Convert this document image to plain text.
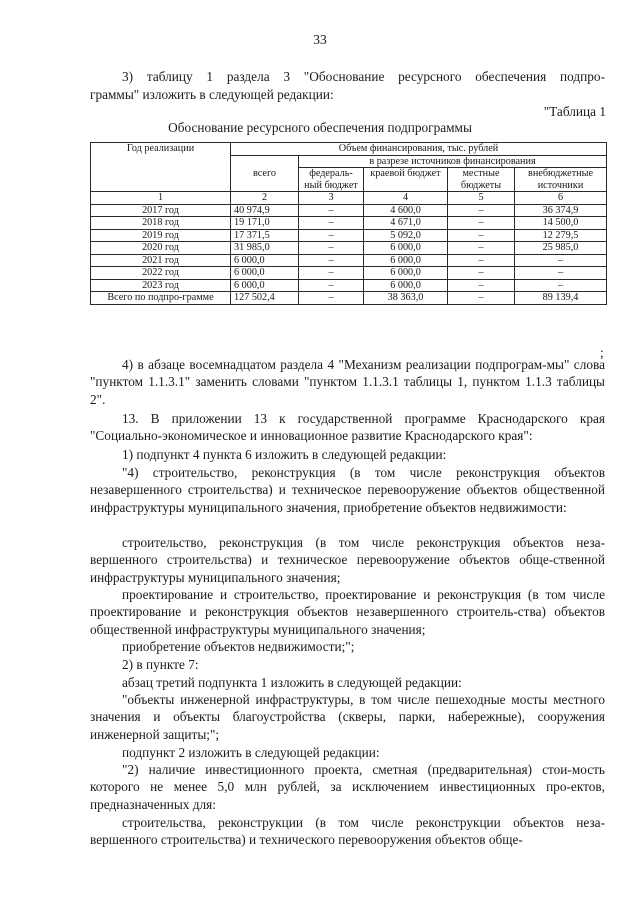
33

3) таблицу 1 раздела 3 "Обоснование ресурсного обеспечения подпро-

граммы" изложить в следующей редакции:

"Таблица 1
Обоснование ресурсного обеспечения подпрограммы
Год реализации	Объем финансирования, тыс. рублей				
	всего	в разрезе источников финансирования			
		федераль-ный бюджет	краевой бюджет	местные бюджеты	внебюджетные источники
1	2	3	4	5	6
2017 год	40 974,9	–	4 600,0	–	36 374,9
2018 год	19 171,0	–	4 671,0	–	14 500,0
2019 год	17 371,5	–	5 092,0	–	12 279,5
2020 год	31 985,0	–	6 000,0	–	25 985,0
2021 год	6 000,0	–	6 000,0	–	–
2022 год	6 000,0	–	6 000,0	–	–
2023 год	6 000,0	–	6 000,0	–	–
Всего по подпро-грамме	127 502,4	–	38 363,0	–	89 139,4
;

4) в абзаце восемнадцатом раздела 4 "Механизм реализации подпрограм-мы" слова "пунктом 1.1.3.1" заменить словами "пунктом 1.1.3.1 таблицы 1, пунктом 1.1.3 таблицы 2".

13. В приложении 13 к государственной программе Краснодарского края "Социально-экономическое и инновационное развитие Краснодарского края":

1) подпункт 4 пункта 6 изложить в следующей редакции:

"4) строительство, реконструкция (в том числе реконструкция объектов незавершенного строительства) и техническое перевооружение объектов общественной инфраструктуры муниципального значения, приобретение объектов недвижимости:

строительство, реконструкция (в том числе реконструкция объектов неза-вершенного строительства) и техническое перевооружение объектов обще-ственной инфраструктуры муниципального значения;

проектирование и строительство, проектирование и реконструкция (в том числе проектирование и реконструкция объектов незавершенного строитель-ства) объектов общественной инфраструктуры муниципального значения;

приобретение объектов недвижимости;";

2) в пункте 7:

абзац третий подпункта 1 изложить в следующей редакции:

"объекты инженерной инфраструктуры, в том числе пешеходные мосты местного значения и объекты благоустройства (скверы, парки, набережные), сооружения инженерной защиты;";

подпункт 2 изложить в следующей редакции:

"2) наличие инвестиционного проекта, сметная (предварительная) стои-мость которого не менее 5,0 млн рублей, за исключением инвестиционных про-ектов, предназначенных для:

строительства, реконструкции (в том числе реконструкции объектов неза-вершенного строительства) и технического перевооружения объектов обще-
